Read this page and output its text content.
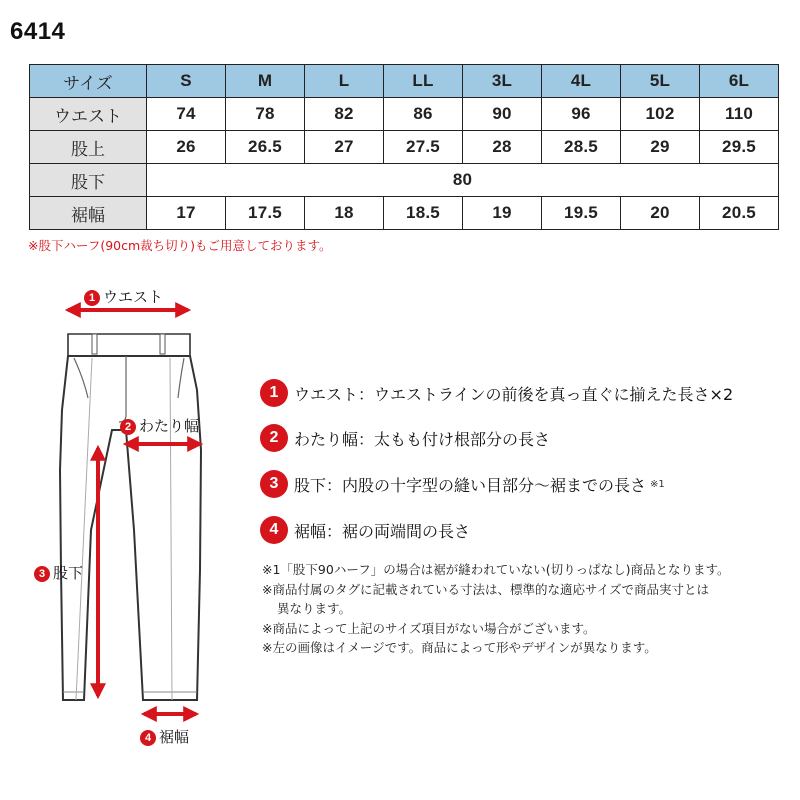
6414
サイズ	S	M	L	LL	3L	4L	5L	6L
ウエスト	74	78	82	86	90	96	102	110
股上	26	26.5	27	27.5	28	28.5	29	29.5
股下	80							
裾幅	17	17.5	18	18.5	19	19.5	20	20.5
※股下ハーフ(90cm裁ち切り)もご用意しております。
1 ウエスト
2 わたり幅
3 股下
4 裾幅
1 ウエスト ：ウエストラインの前後を真っ直ぐに揃えた長さ×2
2 わたり幅 ：太もも付け根部分の長さ
3 股下 ：内股の十字型の縫い目部分〜裾までの長さ ※1
4 裾幅 ：裾の両端間の長さ
※1「股下90ハーフ」の場合は裾が縫われていない(切りっぱなし)商品となります。
※商品付属のタグに記載されている寸法は、標準的な適応サイズで商品実寸とは
異なります。
※商品によって上記のサイズ項目がない場合がございます。
※左の画像はイメージです。商品によって形やデザインが異なります。
